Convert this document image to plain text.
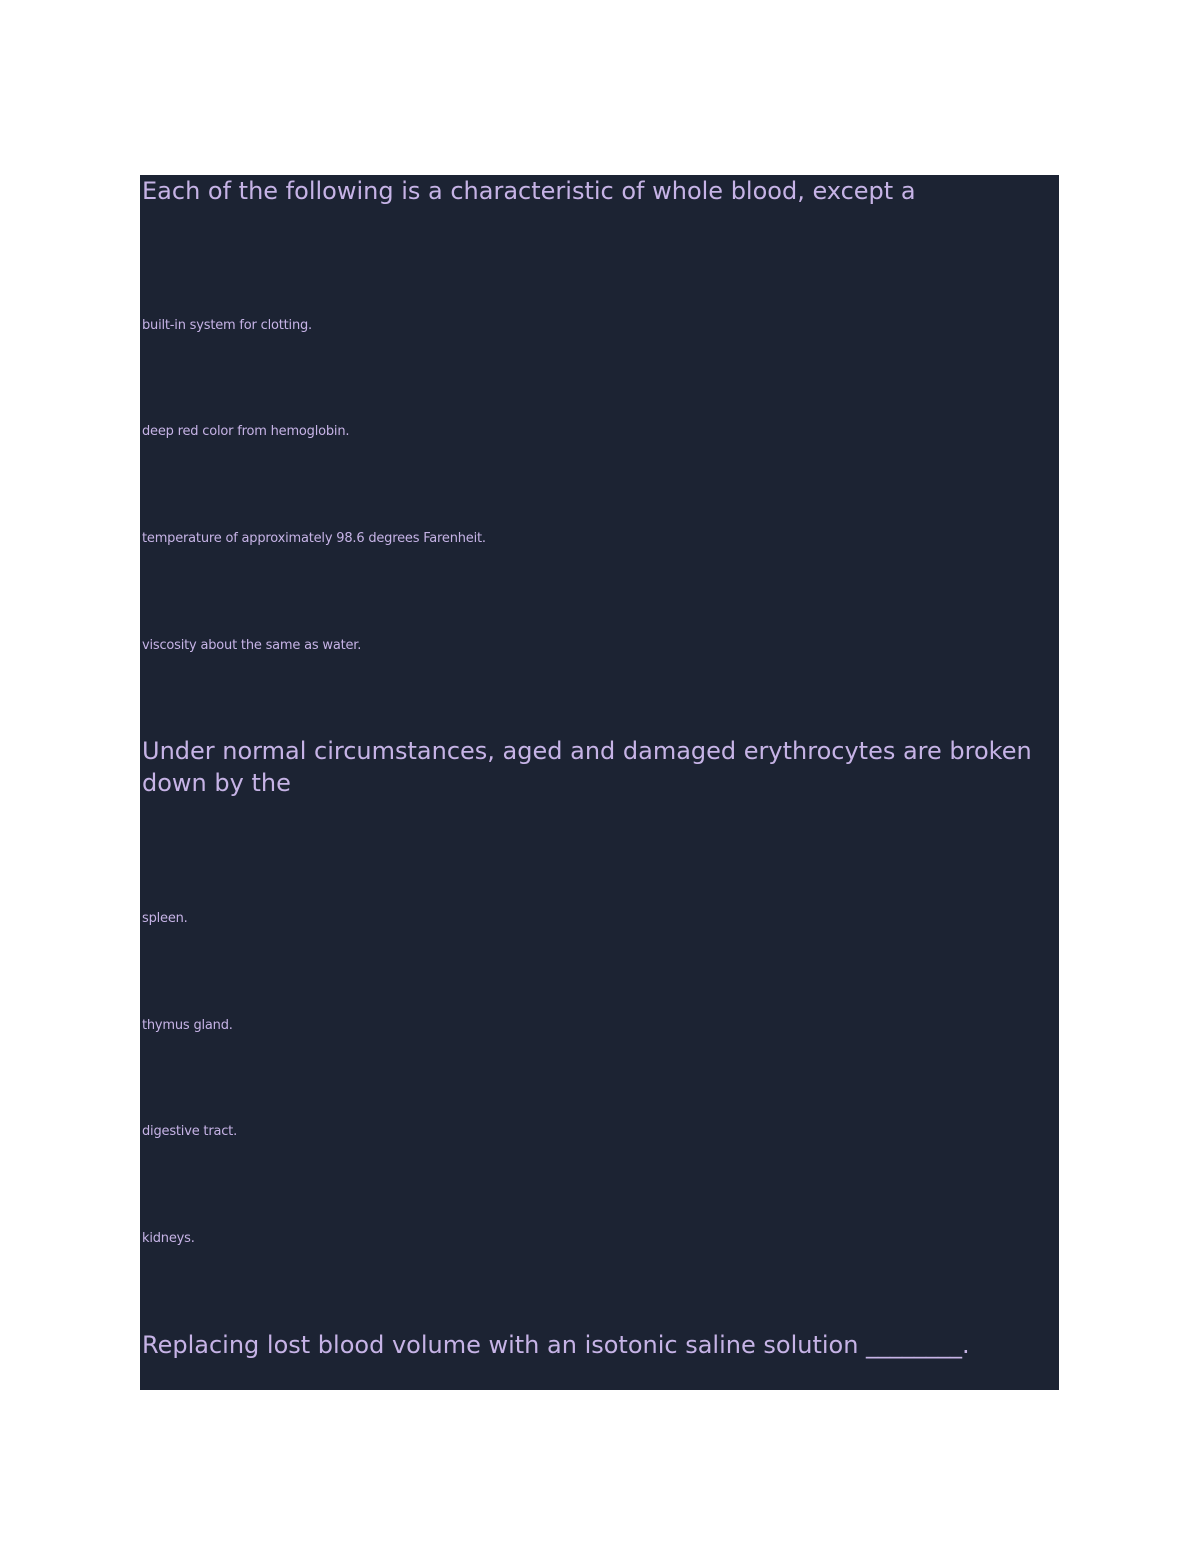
Each of the following is a characteristic of whole blood, except a

built-in system for clotting.

deep red color from hemoglobin.

temperature of approximately 98.6 degrees Farenheit.

viscosity about the same as water.

Under normal circumstances, aged and damaged erythrocytes are broken down by the

spleen.

thymus gland.

digestive tract.

kidneys.

Replacing lost blood volume with an isotonic saline solution ________.
